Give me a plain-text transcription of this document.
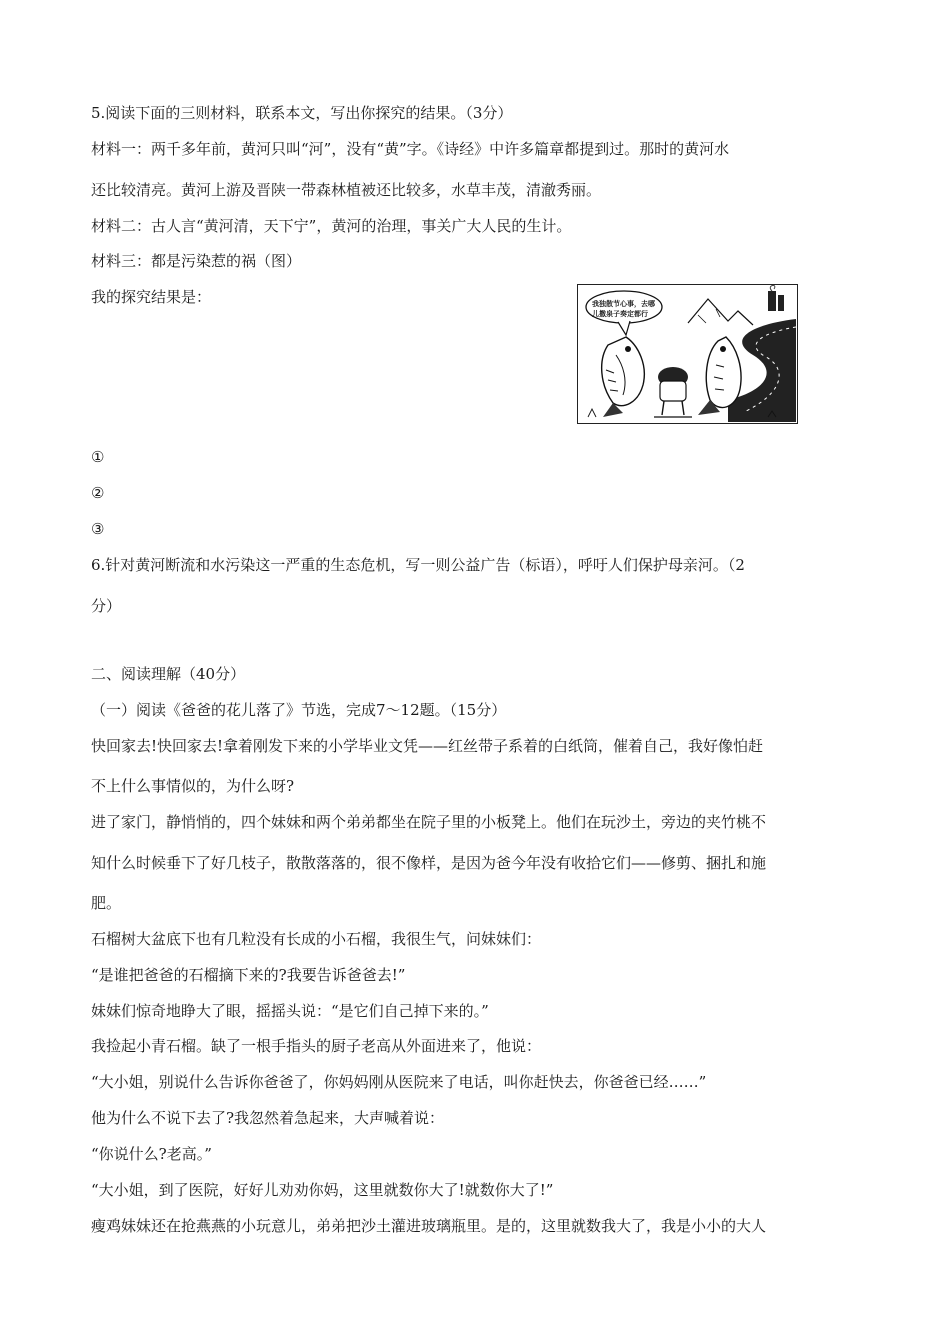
5.阅读下面的三则材料，联系本文，写出你探究的结果。（3分）
材料一：两千多年前，黄河只叫“河”，没有“黄”字。《诗经》中许多篇章都提到过。那时的黄河水
还比较清亮。黄河上游及晋陕一带森林植被还比较多，水草丰茂，清澈秀丽。
材料二：古人言“黄河清，天下宁”，黄河的治理，事关广大人民的生计。
材料三：都是污染惹的祸（图）
我的探究结果是：
①
②
③
6.针对黄河断流和水污染这一严重的生态危机，写一则公益广告（标语），呼吁人们保护母亲河。（2
分）
二、阅读理解（40分）
（一）阅读《爸爸的花儿落了》节选，完成7～12题。（15分）
快回家去!快回家去!拿着刚发下来的小学毕业文凭——红丝带子系着的白纸筒，催着自己，我好像怕赶
不上什么事情似的，为什么呀?
进了家门，静悄悄的，四个妹妹和两个弟弟都坐在院子里的小板凳上。他们在玩沙土，旁边的夹竹桃不
知什么时候垂下了好几枝子，散散落落的，很不像样，是因为爸今年没有收拾它们——修剪、捆扎和施
肥。
石榴树大盆底下也有几粒没有长成的小石榴，我很生气，问妹妹们：
“是谁把爸爸的石榴摘下来的?我要告诉爸爸去!”
妹妹们惊奇地睁大了眼，摇摇头说：“是它们自己掉下来的。”
我捡起小青石榴。缺了一根手指头的厨子老高从外面进来了，他说：
“大小姐，别说什么告诉你爸爸了，你妈妈刚从医院来了电话，叫你赶快去，你爸爸已经……”
他为什么不说下去了?我忽然着急起来，大声喊着说：
“你说什么?老高。”
“大小姐，到了医院，好好儿劝劝你妈，这里就数你大了!就数你大了!”
瘦鸡妹妹还在抢燕燕的小玩意儿，弟弟把沙土灌进玻璃瓶里。是的，这里就数我大了，我是小小的大人
我独散节心事，去哪儿撒泉子奏定都行
